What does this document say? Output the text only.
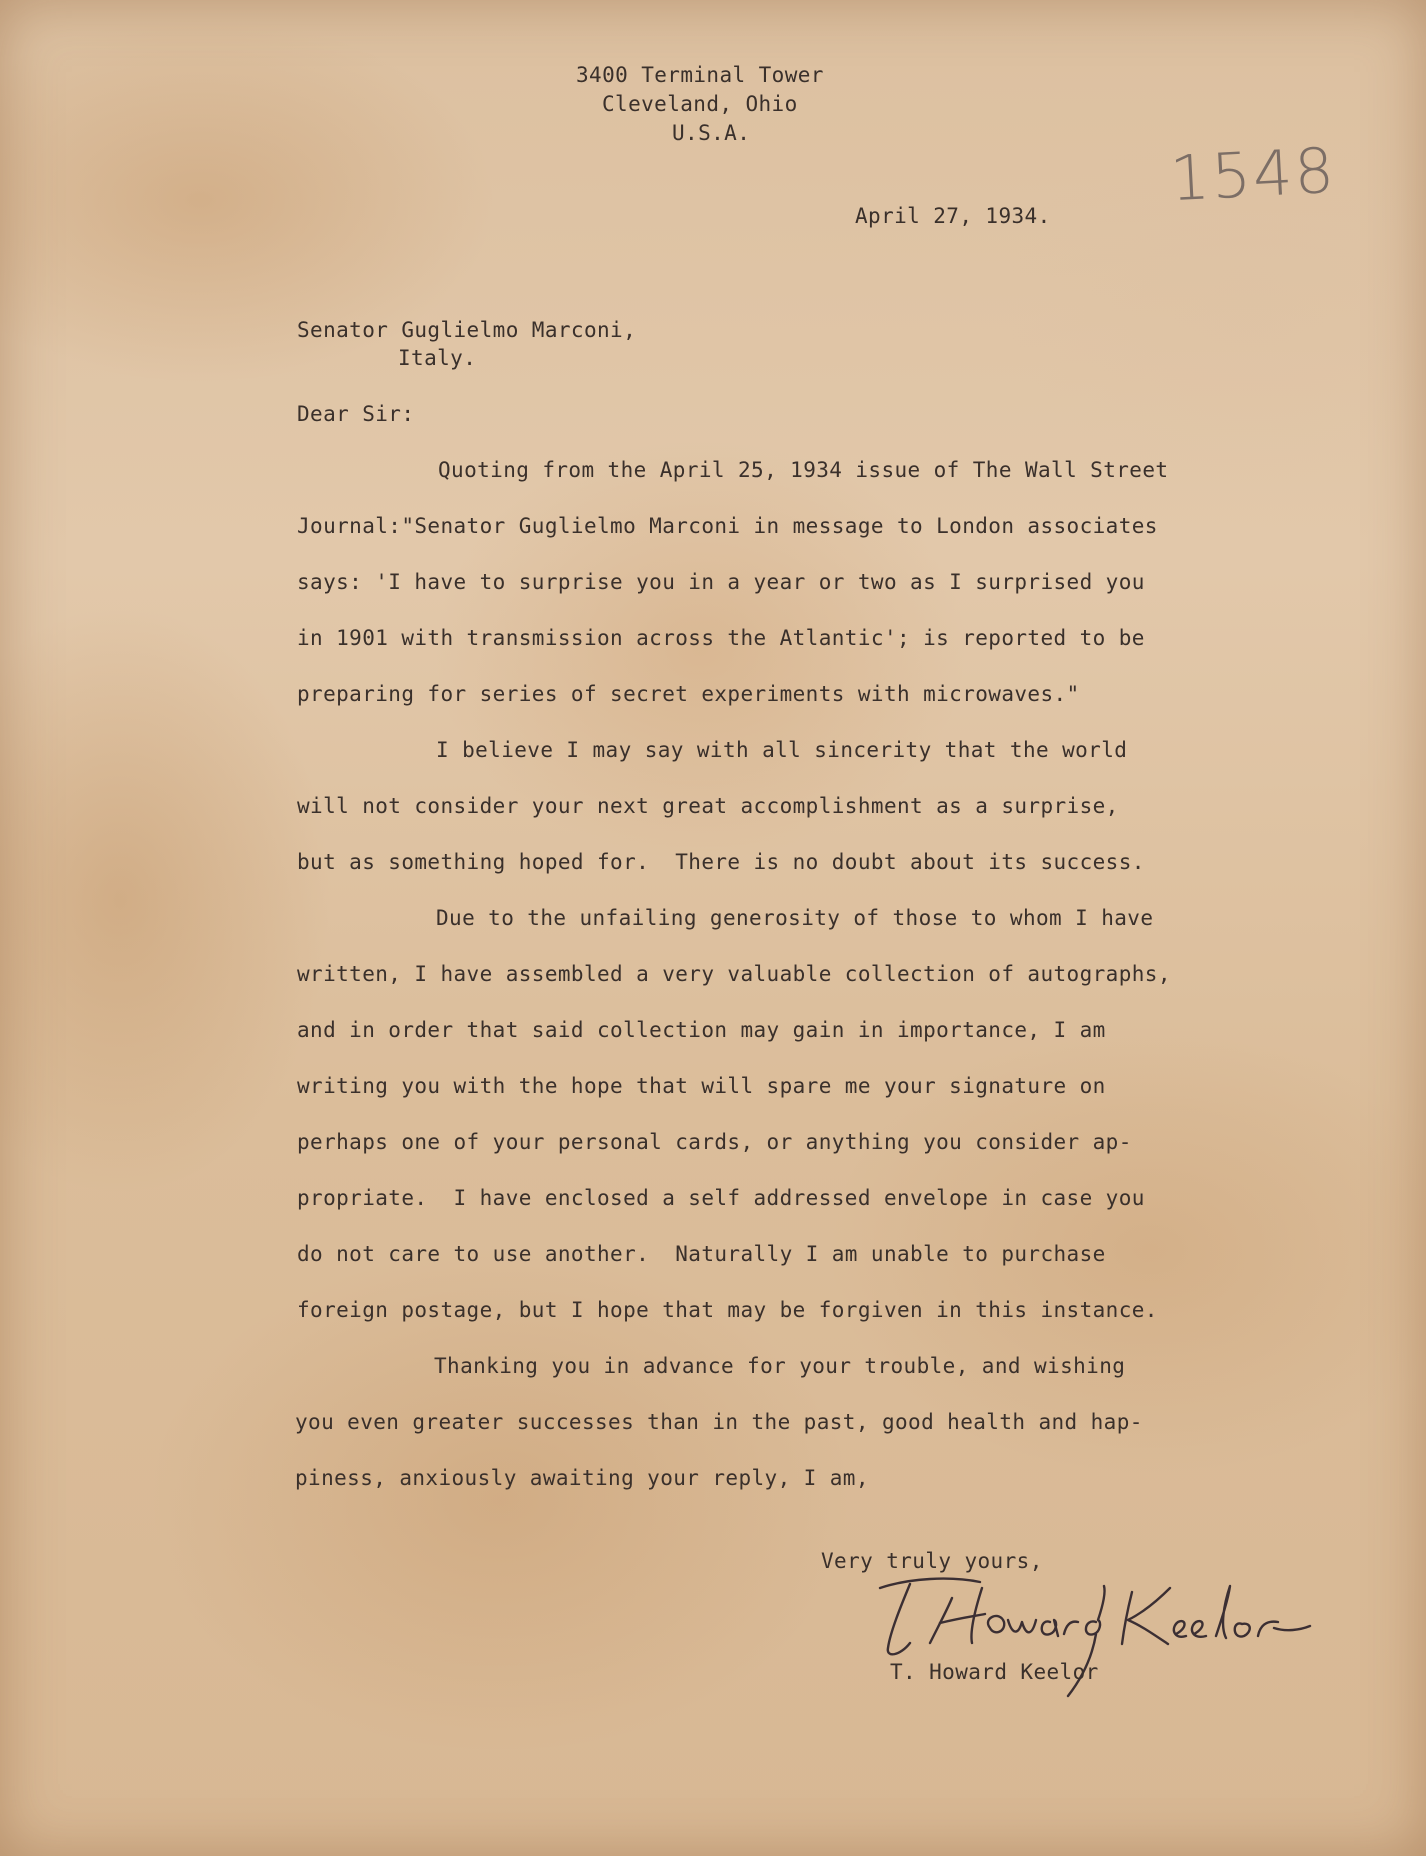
3400 Terminal Tower
Cleveland, Ohio
U.S.A.
1548
April 27, 1934.
Senator Guglielmo Marconi,
Italy.
Dear Sir:
Quoting from the April 25, 1934 issue of The Wall Street
Journal:"Senator Guglielmo Marconi in message to London associates
says: 'I have to surprise you in a year or two as I surprised you
in 1901 with transmission across the Atlantic'; is reported to be
preparing for series of secret experiments with microwaves."
I believe I may say with all sincerity that the world
will not consider your next great accomplishment as a surprise,
but as something hoped for.  There is no doubt about its success.
Due to the unfailing generosity of those to whom I have
written, I have assembled a very valuable collection of autographs,
and in order that said collection may gain in importance, I am
writing you with the hope that will spare me your signature on
perhaps one of your personal cards, or anything you consider ap-
propriate.  I have enclosed a self addressed envelope in case you
do not care to use another.  Naturally I am unable to purchase
foreign postage, but I hope that may be forgiven in this instance.
Thanking you in advance for your trouble, and wishing
you even greater successes than in the past, good health and hap-
piness, anxiously awaiting your reply, I am,
Very truly yours,
T. Howard Keelor
